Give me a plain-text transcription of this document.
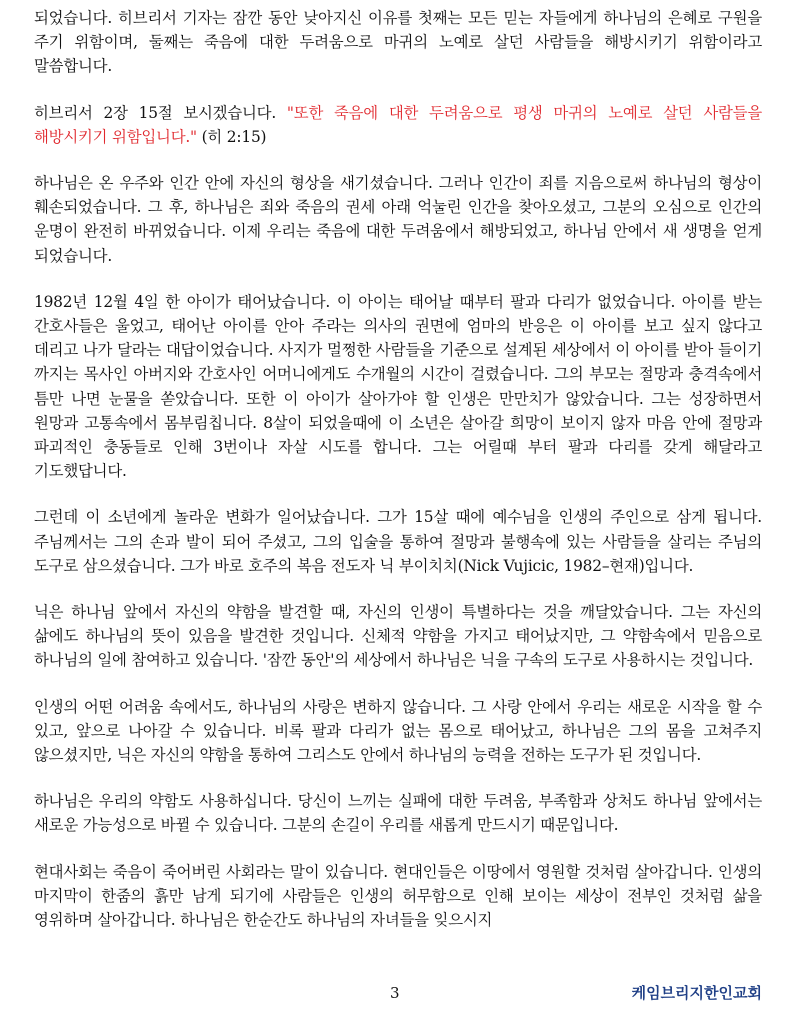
되었습니다. 히브리서 기자는 잠깐 동안 낮아지신 이유를 첫째는 모든 믿는 자들에게 하나님의 은혜로 구원을 주기 위함이며, 둘째는 죽음에 대한 두려움으로 마귀의 노예로 살던 사람들을 해방시키기 위함이라고 말씀합니다.

히브리서 2장 15절 보시겠습니다. "또한 죽음에 대한 두려움으로 평생 마귀의 노예로 살던 사람들을 해방시키기 위함입니다." (히 2:15)

하나님은 온 우주와 인간 안에 자신의 형상을 새기셨습니다. 그러나 인간이 죄를 지음으로써 하나님의 형상이 훼손되었습니다. 그 후, 하나님은 죄와 죽음의 권세 아래 억눌린 인간을 찾아오셨고, 그분의 오심으로 인간의 운명이 완전히 바뀌었습니다. 이제 우리는 죽음에 대한 두려움에서 해방되었고, 하나님 안에서 새 생명을 얻게 되었습니다.

1982년 12월 4일 한 아이가 태어났습니다. 이 아이는 태어날 때부터 팔과 다리가 없었습니다. 아이를 받는 간호사들은 울었고, 태어난 아이를 안아 주라는 의사의 권면에 엄마의 반응은 이 아이를 보고 싶지 않다고 데리고 나가 달라는 대답이었습니다. 사지가 멀쩡한 사람들을 기준으로 설계된 세상에서 이 아이를 받아 들이기 까지는 목사인 아버지와 간호사인 어머니에게도 수개월의 시간이 걸렸습니다. 그의 부모는 절망과 충격속에서 틈만 나면 눈물을 쏟았습니다. 또한 이 아이가 살아가야 할 인생은 만만치가 않았습니다. 그는 성장하면서 원망과 고통속에서 몸부림칩니다. 8살이 되었을때에 이 소년은 살아갈 희망이 보이지 않자 마음 안에 절망과 파괴적인 충동들로 인해 3번이나 자살 시도를 합니다. 그는 어릴때 부터 팔과 다리를 갖게 해달라고 기도했답니다.

그런데 이 소년에게 놀라운 변화가 일어났습니다. 그가 15살 때에 예수님을 인생의 주인으로 삼게 됩니다. 주님께서는 그의 손과 발이 되어 주셨고, 그의 입술을 통하여 절망과 불행속에 있는 사람들을 살리는 주님의 도구로 삼으셨습니다. 그가 바로 호주의 복음 전도자 닉 부이치치(Nick Vujicic, 1982–현재)입니다.

닉은 하나님 앞에서 자신의 약함을 발견할 때, 자신의 인생이 특별하다는 것을 깨달았습니다. 그는 자신의 삶에도 하나님의 뜻이 있음을 발견한 것입니다. 신체적 약함을 가지고 태어났지만, 그 약함속에서 믿음으로 하나님의 일에 참여하고 있습니다. '잠깐 동안'의 세상에서 하나님은 닉을 구속의 도구로 사용하시는 것입니다.

인생의 어떤 어려움 속에서도, 하나님의 사랑은 변하지 않습니다. 그 사랑 안에서 우리는 새로운 시작을 할 수 있고, 앞으로 나아갈 수 있습니다. 비록 팔과 다리가 없는 몸으로 태어났고, 하나님은 그의 몸을 고쳐주지 않으셨지만, 닉은 자신의 약함을 통하여 그리스도 안에서 하나님의 능력을 전하는 도구가 된 것입니다.

하나님은 우리의 약함도 사용하십니다. 당신이 느끼는 실패에 대한 두려움, 부족함과 상처도 하나님 앞에서는 새로운 가능성으로 바뀔 수 있습니다. 그분의 손길이 우리를 새롭게 만드시기 때문입니다.

현대사회는 죽음이 죽어버린 사회라는 말이 있습니다. 현대인들은 이땅에서 영원할 것처럼 살아갑니다. 인생의 마지막이 한줌의 흙만 남게 되기에 사람들은 인생의 허무함으로 인해 보이는 세상이 전부인 것처럼 삶을 영위하며 살아갑니다. 하나님은 한순간도 하나님의 자녀들을 잊으시지

3	케임브리지한인교회
